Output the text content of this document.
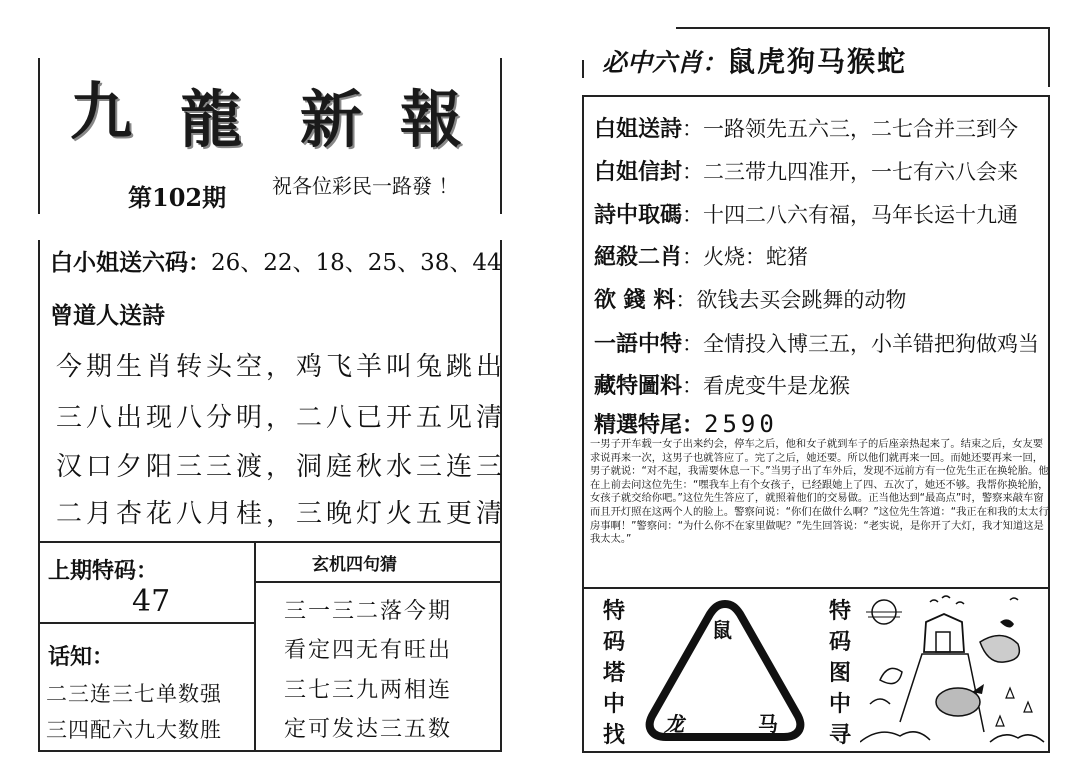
九 龍 新 報
第102期 祝各位彩民一路發 ！
白小姐送六码：26、22、18、25、38、44
曾道人送詩
今期生肖转头空，鸡飞羊叫兔跳出
三八出现八分明，二八已开五见清
汉口夕阳三三渡，洞庭秋水三连三
二月杏花八月桂，三晚灯火五更清
上期特码：
47
话知：
二三连三七单数强
三四配六九大数胜
玄机四句猜
三一三二落今期
看定四无有旺出
三七三九两相连
定可发达三五数
必中六肖：鼠虎狗马猴蛇
白姐送詩：一路领先五六三，二七合并三到今
白姐信封：二三带九四准开，一七有六八会来
詩中取碼：十四二八六有福，马年长运十九通
絕殺二肖：火烧：蛇猪
欲 錢 料：欲钱去买会跳舞的动物
一語中特：全情投入博三五，小羊错把狗做鸡当
藏特圖料：看虎变牛是龙猴
精選特尾：2590
一男子开车载一女子出来约会，停车之后，他和女子就到车子的后座亲热起来了。结束之后，女友要求说再来一次，这男子也就答应了。完了之后，她还要。所以他们就再来一回。而她还要再来一回，男子就说：“对不起，我需要休息一下。”当男子出了车外后，发现不远前方有一位先生正在换轮胎。他在上前去问这位先生：“嘿我车上有个女孩子，已经跟她上了四、五次了，她还不够。我帮你换轮胎，女孩子就交给你吧。”这位先生答应了，就照着他们的交易做。正当他达到“最高点”时，警察来敲车窗而且开灯照在这两个人的脸上。警察问说：“你们在做什么啊？”这位先生答道：“我正在和我的太太行房事啊！”警察问：“为什么你不在家里做呢？”先生回答说：“老实说，是你开了大灯，我才知道这是我太太。”
特
码
塔
中
找
鼠
龙	马
特
码
图
中
寻
